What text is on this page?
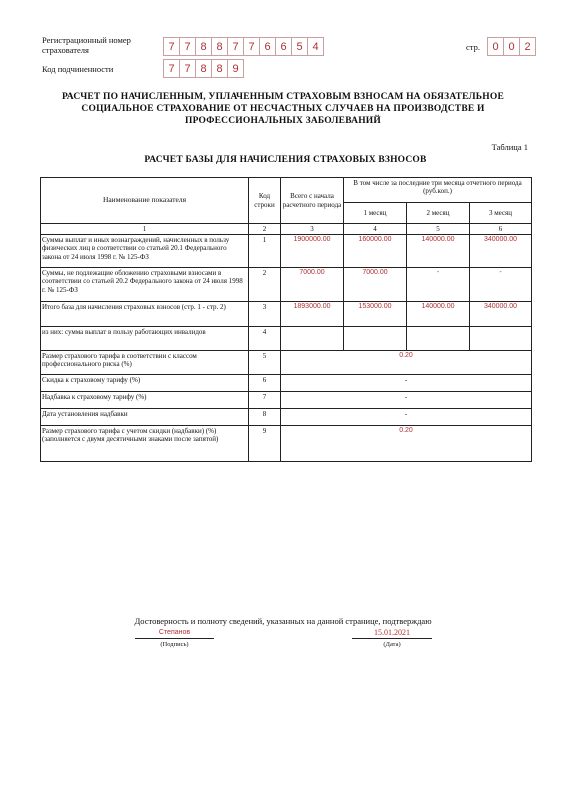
Регистрационный номер страхователя	7 7 8 8 7 7 6 6 5 4	стр.	0 0 2
Код подчиненности	7 7 8 8 9
РАСЧЕТ ПО НАЧИСЛЕННЫМ, УПЛАЧЕННЫМ СТРАХОВЫМ ВЗНОСАМ НА ОБЯЗАТЕЛЬНОЕ СОЦИАЛЬНОЕ СТРАХОВАНИЕ ОТ НЕСЧАСТНЫХ СЛУЧАЕВ НА ПРОИЗВОДСТВЕ И ПРОФЕССИОНАЛЬНЫХ ЗАБОЛЕВАНИЙ
Таблица 1
РАСЧЕТ БАЗЫ ДЛЯ НАЧИСЛЕНИЯ СТРАХОВЫХ ВЗНОСОВ
Наименование показателя	Код строки	Всего с начала расчетного периода	В том числе за последние три месяца отчетного периода (руб.коп.)		
			1 месяц	2 месяц	3 месяц
1	2	3	4	5	6
Суммы выплат и иных вознаграждений, начисленных в пользу физических лиц в соответствии со статьей 20.1 Федерального закона от 24 июля 1998 г. № 125-ФЗ	1	1900000.00	160000.00	140000.00	340000.00
Суммы, не подлежащие обложению страховыми взносами в соответствии со статьей 20.2 Федерального закона от 24 июля 1998 г. № 125-ФЗ	2	7000.00	7000.00	-	-
Итого база для начисления страховых взносов (стр. 1 - стр. 2)	3	1893000.00	153000.00	140000.00	340000.00
из них: сумма выплат в пользу работающих инвалидов	4				
Размер страхового тарифа в соответствии с классом профессионального риска (%)	5	0.20			
Скидка к страховому тарифу (%)	6	-			
Надбавка к страховому тарифу (%)	7	-			
Дата установления надбавки	8	-			
Размер страхового тарифа с учетом скидки (надбавки) (%) (заполняется с двумя десятичными знаками после запятой)	9	0.20			
Достоверность и полноту сведений, указанных на данной странице, подтверждаю
Степанов
(Подпись)
15.01.2021
(Дата)
